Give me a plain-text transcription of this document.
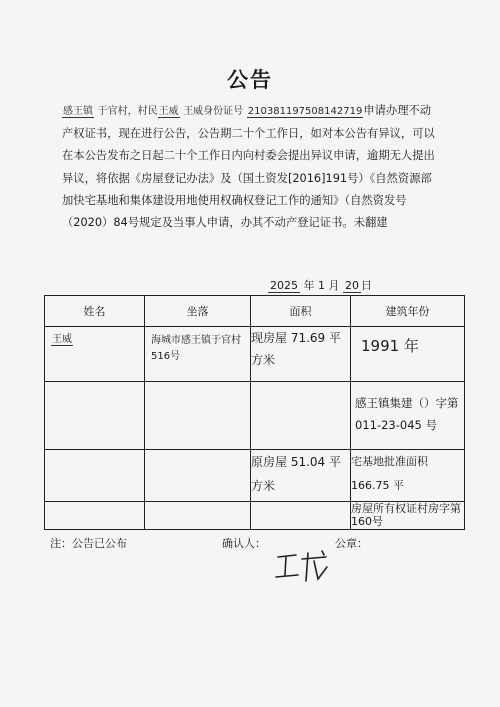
公告
感王镇 于官村，村民王威 王威身份证号 210381197508142719申请办理不动产权证书，现在进行公告，公告期二十个工作日，如对本公告有异议，可以在本公告发布之日起二十个工作日内向村委会提出异议申请，逾期无人提出异议，将依据《房屋登记办法》及（国土资发[2016]191号）《自然资源部加快宅基地和集体建设用地使用权确权登记工作的通知》（自然资发号（2020）84号规定及当事人申请，办其不动产登记证书。未翻建
2025 年 1 月 20 日
姓名	坐落	面积	建筑年份
王威	海城市感王镇于官村516号	现房屋 71.69 平方米	1991 年
			感王镇集建（）字第 011-23-045 号
		原房屋 51.04 平方米	宅基地批准面积 166.75 平
			房屋所有权证村房字第160号
注：公告已公布	确认人：	公章：
